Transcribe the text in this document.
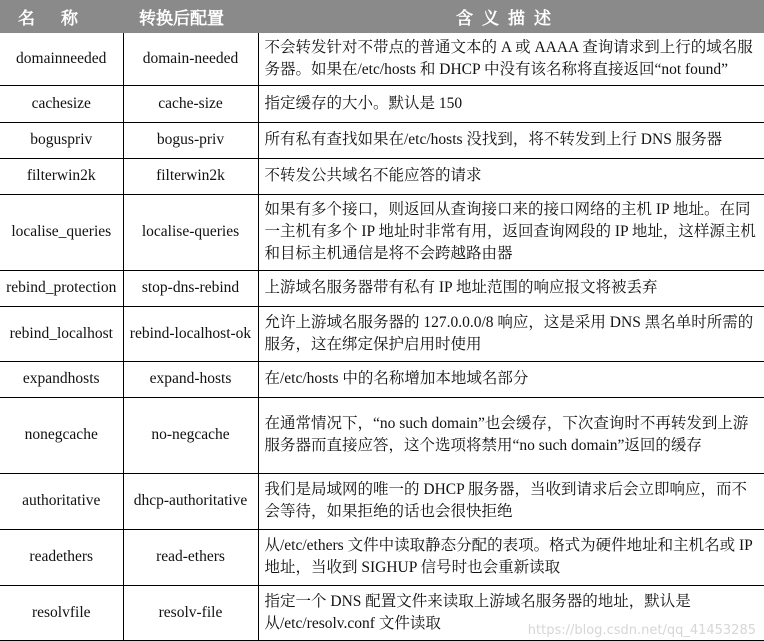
名称	转换后配置	含义描述
domainneeded	domain-needed	不会转发针对不带点的普通文本的 A 或 AAAA 查询请求到上行的域名服务器。如果在/etc/hosts 和 DHCP 中没有该名称将直接返回“not found”
cachesize	cache-size	指定缓存的大小。默认是 150
boguspriv	bogus-priv	所有私有查找如果在/etc/hosts 没找到，将不转发到上行 DNS 服务器
filterwin2k	filterwin2k	不转发公共域名不能应答的请求
localise_queries	localise-queries	如果有多个接口，则返回从查询接口来的接口网络的主机 IP 地址。在同一主机有多个 IP 地址时非常有用，返回查询网段的 IP 地址，这样源主机和目标主机通信是将不会跨越路由器
rebind_protection	stop-dns-rebind	上游域名服务器带有私有 IP 地址范围的响应报文将被丢弃
rebind_localhost	rebind-localhost-ok	允许上游域名服务器的 127.0.0.0/8 响应，这是采用 DNS 黑名单时所需的服务，这在绑定保护启用时使用
expandhosts	expand-hosts	在/etc/hosts 中的名称增加本地域名部分
nonegcache	no-negcache	在通常情况下，“no such domain”也会缓存，下次查询时不再转发到上游服务器而直接应答，这个选项将禁用“no such domain”返回的缓存
authoritative	dhcp-authoritative	我们是局域网的唯一的 DHCP 服务器，当收到请求后会立即响应，而不会等待，如果拒绝的话也会很快拒绝
readethers	read-ethers	从/etc/ethers 文件中读取静态分配的表项。格式为硬件地址和主机名或 IP 地址，当收到 SIGHUP 信号时也会重新读取
resolvfile	resolv-file	指定一个 DNS 配置文件来读取上游域名服务器的地址，默认是从/etc/resolv.conf 文件读取	https://blog.csdn.net/qq_41453285
